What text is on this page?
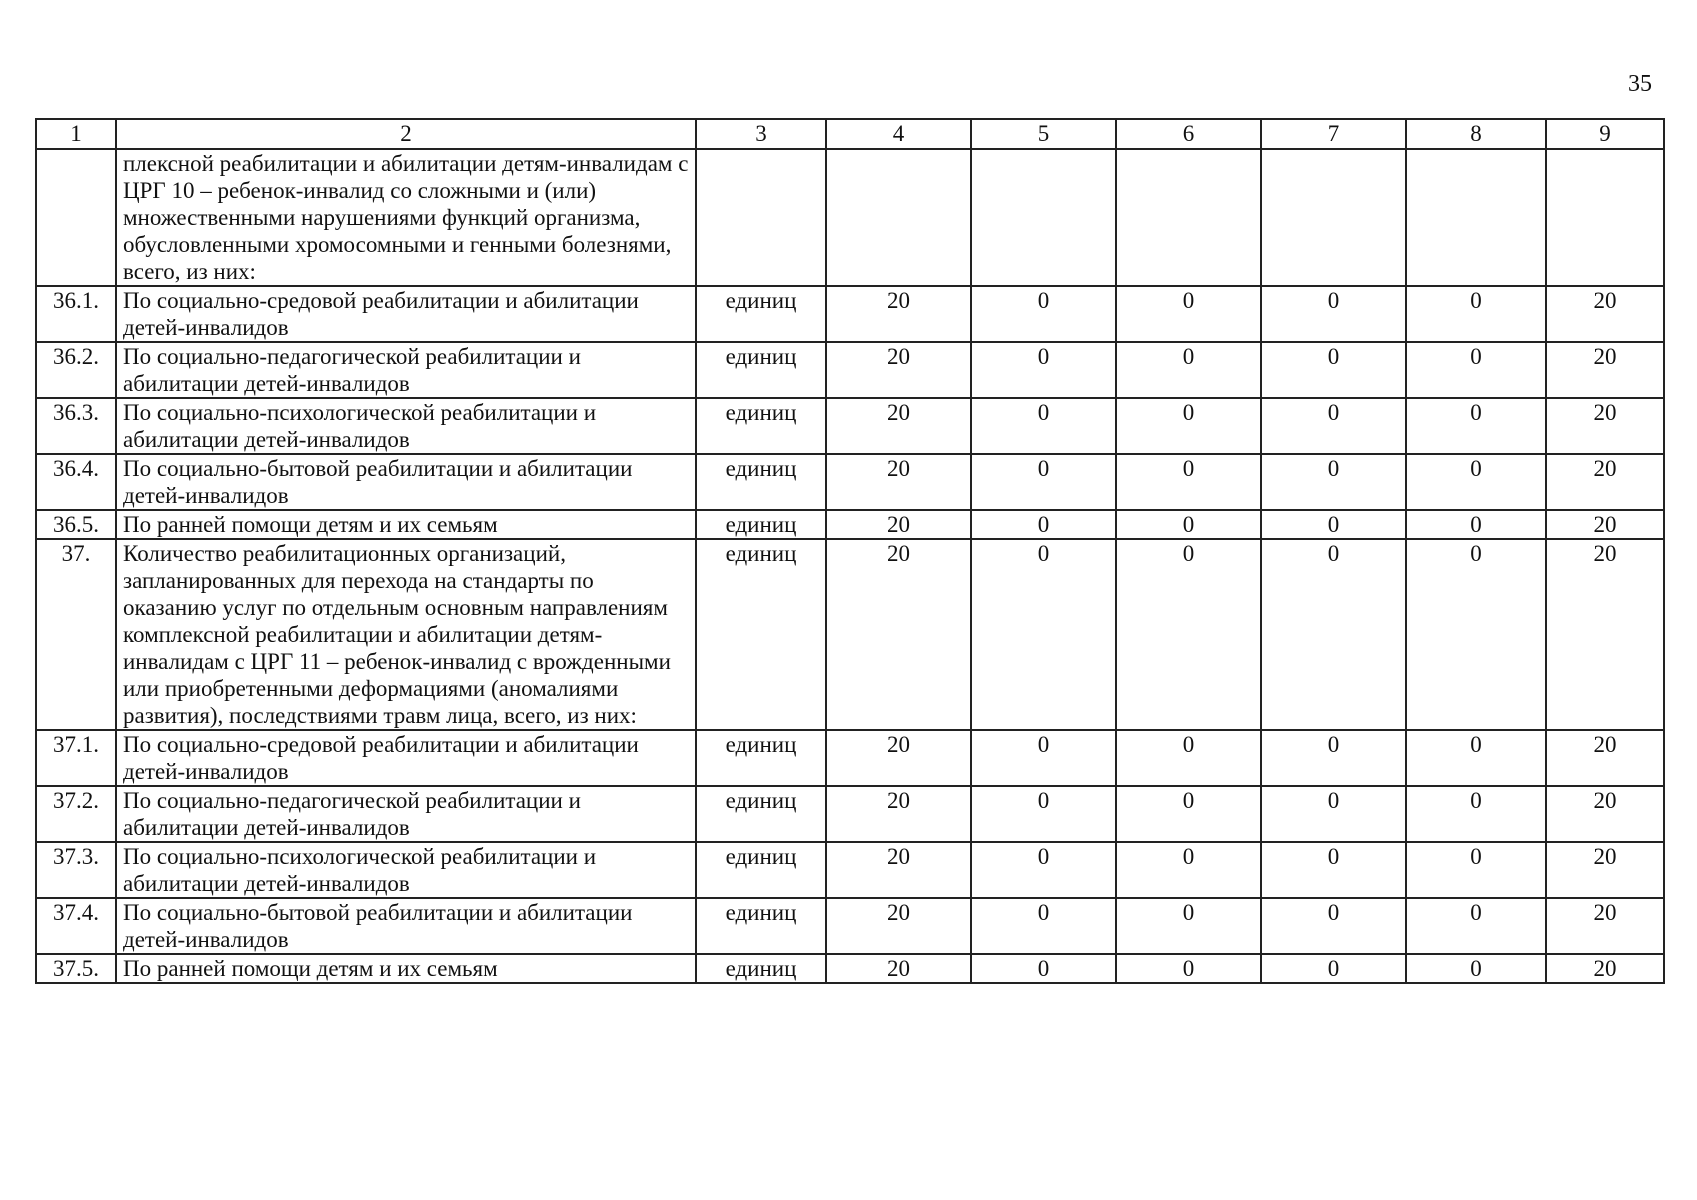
35
1	2	3	4	5	6	7	8	9
	плексной реабилитации и абилитации детям-инвалидам с ЦРГ 10 – ребенок-инвалид со сложными и (или) множественными нарушениями функций организма, обусловленными хромосомными и генными болезнями, всего, из них:							
36.1.	По социально-средовой реабилитации и абилитации детей-инвалидов	единиц	20	0	0	0	0	20
36.2.	По социально-педагогической реабилитации и абилитации детей-инвалидов	единиц	20	0	0	0	0	20
36.3.	По социально-психологической реабилитации и абилитации детей-инвалидов	единиц	20	0	0	0	0	20
36.4.	По социально-бытовой реабилитации и абилитации детей-инвалидов	единиц	20	0	0	0	0	20
36.5.	По ранней помощи детям и их семьям	единиц	20	0	0	0	0	20
37.	Количество реабилитационных организаций, запланированных для перехода на стандарты по оказанию услуг по отдельным основным направлениям комплексной реабилитации и абилитации детям-инвалидам с ЦРГ 11 – ребенок-инвалид с врожденными или приобретенными деформациями (аномалиями развития), последствиями травм лица, всего, из них:	единиц	20	0	0	0	0	20
37.1.	По социально-средовой реабилитации и абилитации детей-инвалидов	единиц	20	0	0	0	0	20
37.2.	По социально-педагогической реабилитации и абилитации детей-инвалидов	единиц	20	0	0	0	0	20
37.3.	По социально-психологической реабилитации и абилитации детей-инвалидов	единиц	20	0	0	0	0	20
37.4.	По социально-бытовой реабилитации и абилитации детей-инвалидов	единиц	20	0	0	0	0	20
37.5.	По ранней помощи детям и их семьям	единиц	20	0	0	0	0	20
